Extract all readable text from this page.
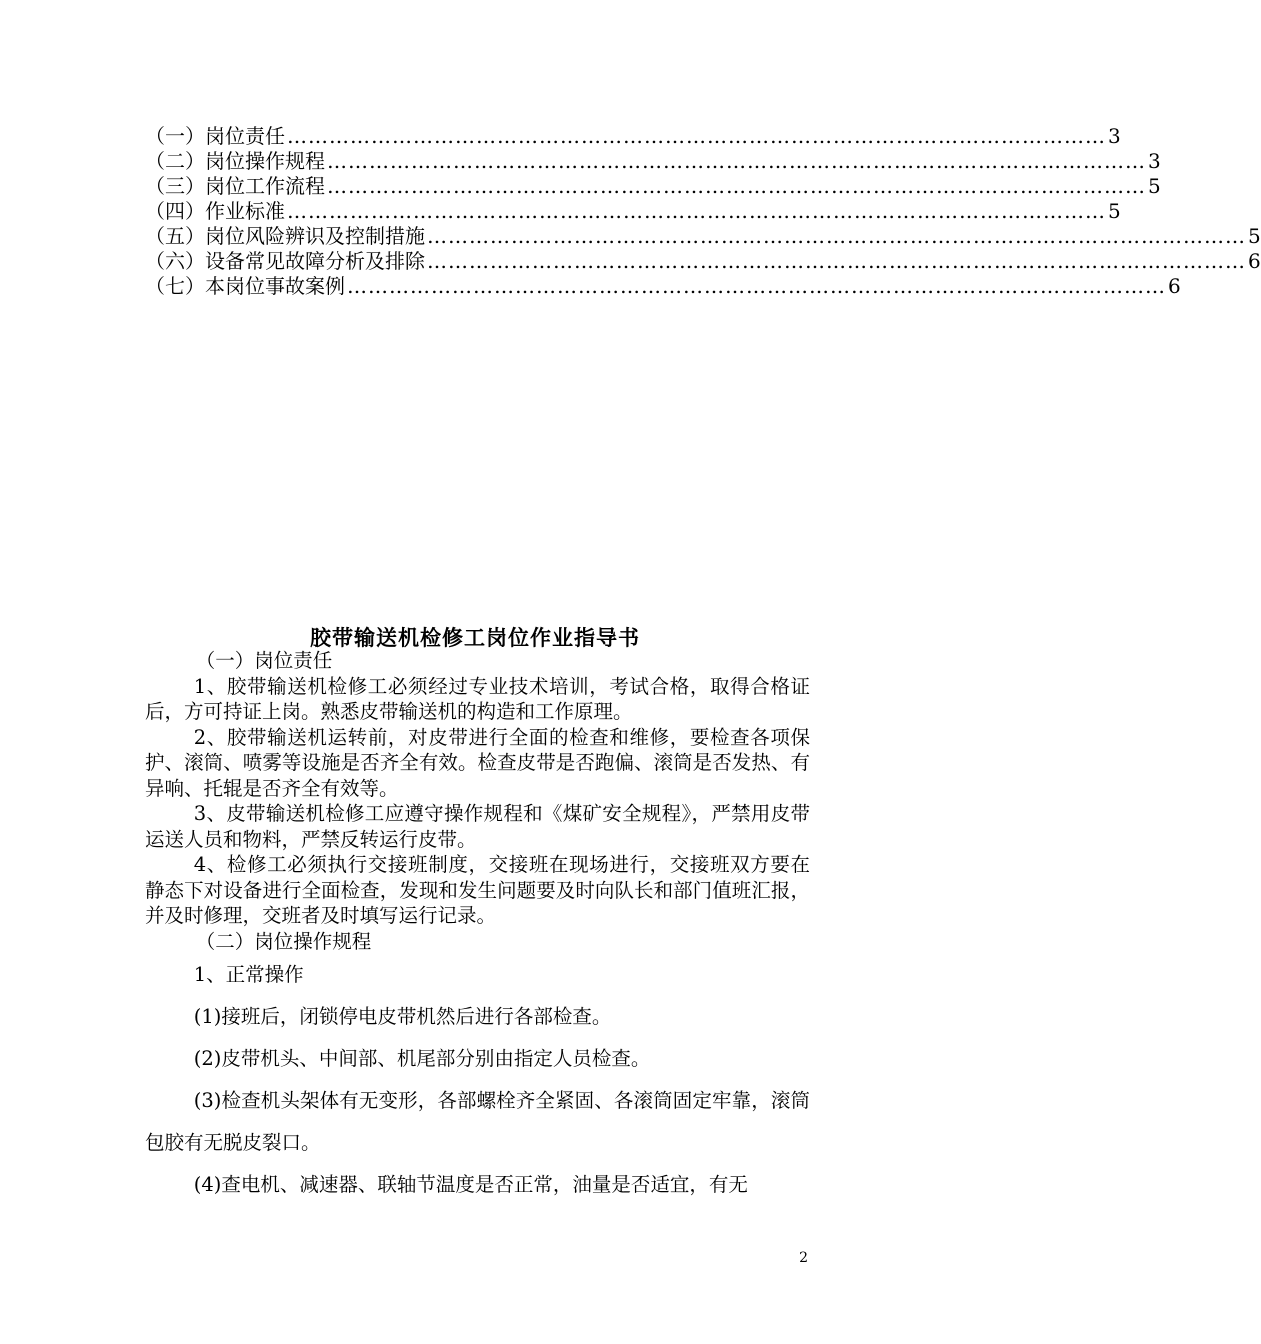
（一）岗位责任 ……………………………………………………………………………………………………… 3
（二）岗位操作规程 ……………………………………………………………………………………………………… 3
（三）岗位工作流程 ……………………………………………………………………………………………………… 5
（四）作业标准 ……………………………………………………………………………………………………… 5
（五）岗位风险辨识及控制措施 ……………………………………………………………………………………………………… 5
（六）设备常见故障分析及排除 ……………………………………………………………………………………………………… 6
（七）本岗位事故案例 ……………………………………………………………………………………………………… 6
胶带输送机检修工岗位作业指导书

（一）岗位责任

1、胶带输送机检修工必须经过专业技术培训，考试合格，取得合格证后，方可持证上岗。熟悉皮带输送机的构造和工作原理。

2、胶带输送机运转前，对皮带进行全面的检查和维修，要检查各项保护、滚筒、喷雾等设施是否齐全有效。检查皮带是否跑偏、滚筒是否发热、有异响、托辊是否齐全有效等。

3、皮带输送机检修工应遵守操作规程和《煤矿安全规程》，严禁用皮带运送人员和物料，严禁反转运行皮带。

4、检修工必须执行交接班制度，交接班在现场进行，交接班双方要在静态下对设备进行全面检查，发现和发生问题要及时向队长和部门值班汇报，并及时修理，交班者及时填写运行记录。

（二）岗位操作规程

1、正常操作

(1)接班后，闭锁停电皮带机然后进行各部检查。

(2)皮带机头、中间部、机尾部分别由指定人员检查。

(3)检查机头架体有无变形，各部螺栓齐全紧固、各滚筒固定牢靠，滚筒包胶有无脱皮裂口。

(4)查电机、减速器、联轴节温度是否正常，油量是否适宜，有无

2
